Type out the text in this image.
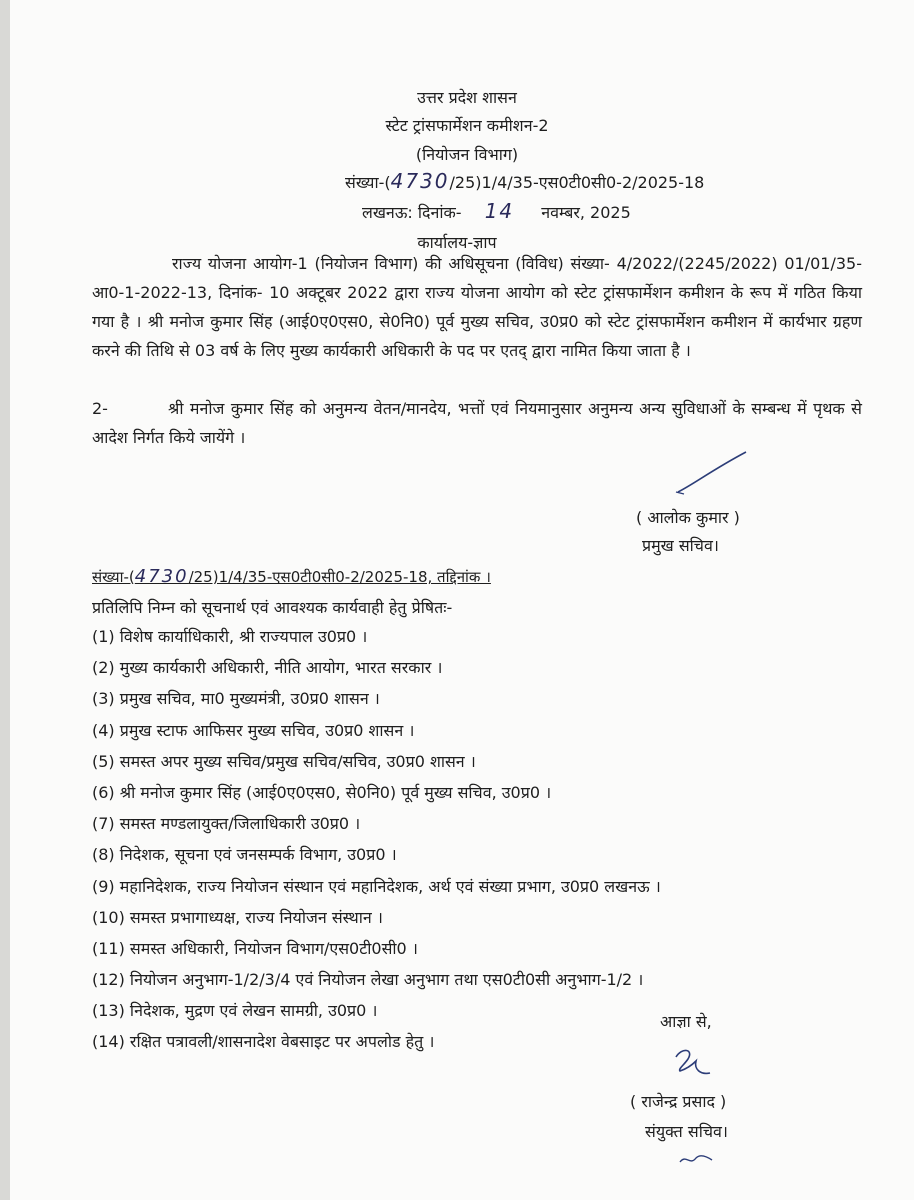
उत्तर प्रदेश शासन
स्टेट ट्रांसफार्मेशन कमीशन-2
(नियोजन विभाग)
संख्या-(4730/25)1/4/35-एस0टी0सी0-2/2025-18
लखनऊ: दिनांक- 14 नवम्बर, 2025
कार्यालय-ज्ञाप
राज्य योजना आयोग-1 (नियोजन विभाग) की अधिसूचना (विविध) संख्या- 4/2022/(2245/2022) 01/01/35-आ0-1-2022-13, दिनांक- 10 अक्टूबर 2022 द्वारा राज्य योजना आयोग को स्टेट ट्रांसफार्मेशन कमीशन के रूप में गठित किया गया है । श्री मनोज कुमार सिंह (आई0ए0एस0, से0नि0) पूर्व मुख्य सचिव, उ0प्र0 को स्टेट ट्रांसफार्मेशन कमीशन में कार्यभार ग्रहण करने की तिथि से 03 वर्ष के लिए मुख्य कार्यकारी अधिकारी के पद पर एतद् द्वारा नामित किया जाता है ।
2-	श्री मनोज कुमार सिंह को अनुमन्य वेतन/मानदेय, भत्तों एवं नियमानुसार अनुमन्य अन्य सुविधाओं के सम्बन्ध में पृथक से आदेश निर्गत किये जायेंगे ।
( आलोक कुमार )
प्रमुख सचिव।
संख्या-(4730/25)1/4/35-एस0टी0सी0-2/2025-18, तद्दिनांक ।
प्रतिलिपि निम्न को सूचनार्थ एवं आवश्यक कार्यवाही हेतु प्रेषितः-
(1) विशेष कार्याधिकारी, श्री राज्यपाल उ0प्र0 ।
(2) मुख्य कार्यकारी अधिकारी, नीति आयोग, भारत सरकार ।
(3) प्रमुख सचिव, मा0 मुख्यमंत्री, उ0प्र0 शासन ।
(4) प्रमुख स्टाफ आफिसर मुख्य सचिव, उ0प्र0 शासन ।
(5) समस्त अपर मुख्य सचिव/प्रमुख सचिव/सचिव, उ0प्र0 शासन ।
(6) श्री मनोज कुमार सिंह (आई0ए0एस0, से0नि0) पूर्व मुख्य सचिव, उ0प्र0 ।
(7) समस्त मण्डलायुक्त/जिलाधिकारी उ0प्र0 ।
(8) निदेशक, सूचना एवं जनसम्पर्क विभाग, उ0प्र0 ।
(9) महानिदेशक, राज्य नियोजन संस्थान एवं महानिदेशक, अर्थ एवं संख्या प्रभाग, उ0प्र0 लखनऊ ।
(10) समस्त प्रभागाध्यक्ष, राज्य नियोजन संस्थान ।
(11) समस्त अधिकारी, नियोजन विभाग/एस0टी0सी0 ।
(12) नियोजन अनुभाग-1/2/3/4 एवं नियोजन लेखा अनुभाग तथा एस0टी0सी अनुभाग-1/2 ।
(13) निदेशक, मुद्रण एवं लेखन सामग्री, उ0प्र0 ।
(14) रक्षित पत्रावली/शासनादेश वेबसाइट पर अपलोड हेतु ।
आज्ञा से,
( राजेन्द्र प्रसाद )
संयुक्त सचिव।
